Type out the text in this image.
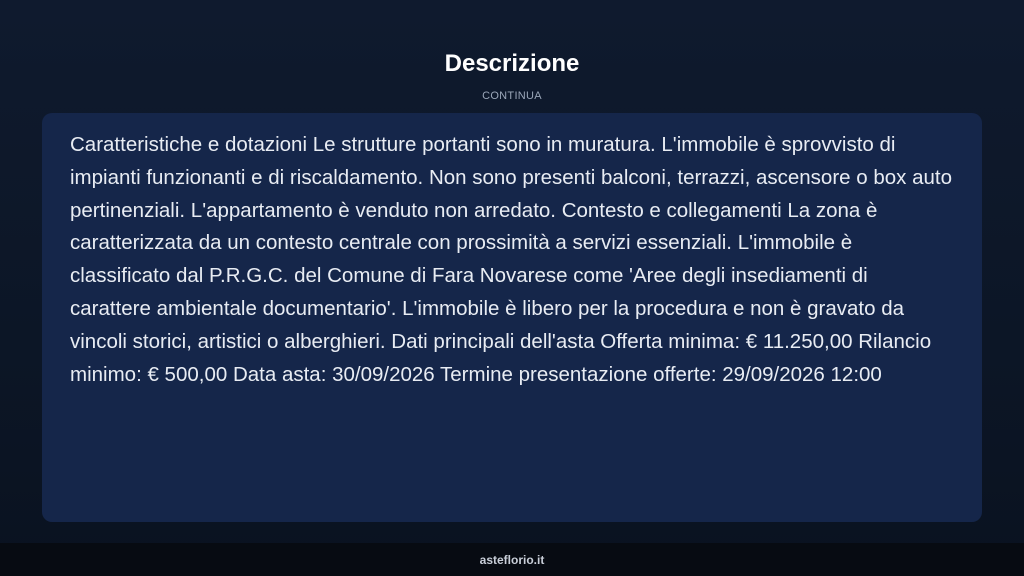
Descrizione
CONTINUA

Caratteristiche e dotazioni Le strutture portanti sono in muratura. L'immobile è sprovvisto di impianti funzionanti e di riscaldamento. Non sono presenti balconi, terrazzi, ascensore o box auto pertinenziali. L'appartamento è venduto non arredato. Contesto e collegamenti La zona è caratterizzata da un contesto centrale con prossimità a servizi essenziali. L'immobile è classificato dal P.R.G.C. del Comune di Fara Novarese come 'Aree degli insediamenti di carattere ambientale documentario'. L'immobile è libero per la procedura e non è gravato da vincoli storici, artistici o alberghieri. Dati principali dell'asta Offerta minima: € 11.250,00 Rilancio minimo: € 500,00 Data asta: 30/09/2026 Termine presentazione offerte: 29/09/2026 12:00

asteflorio.it
